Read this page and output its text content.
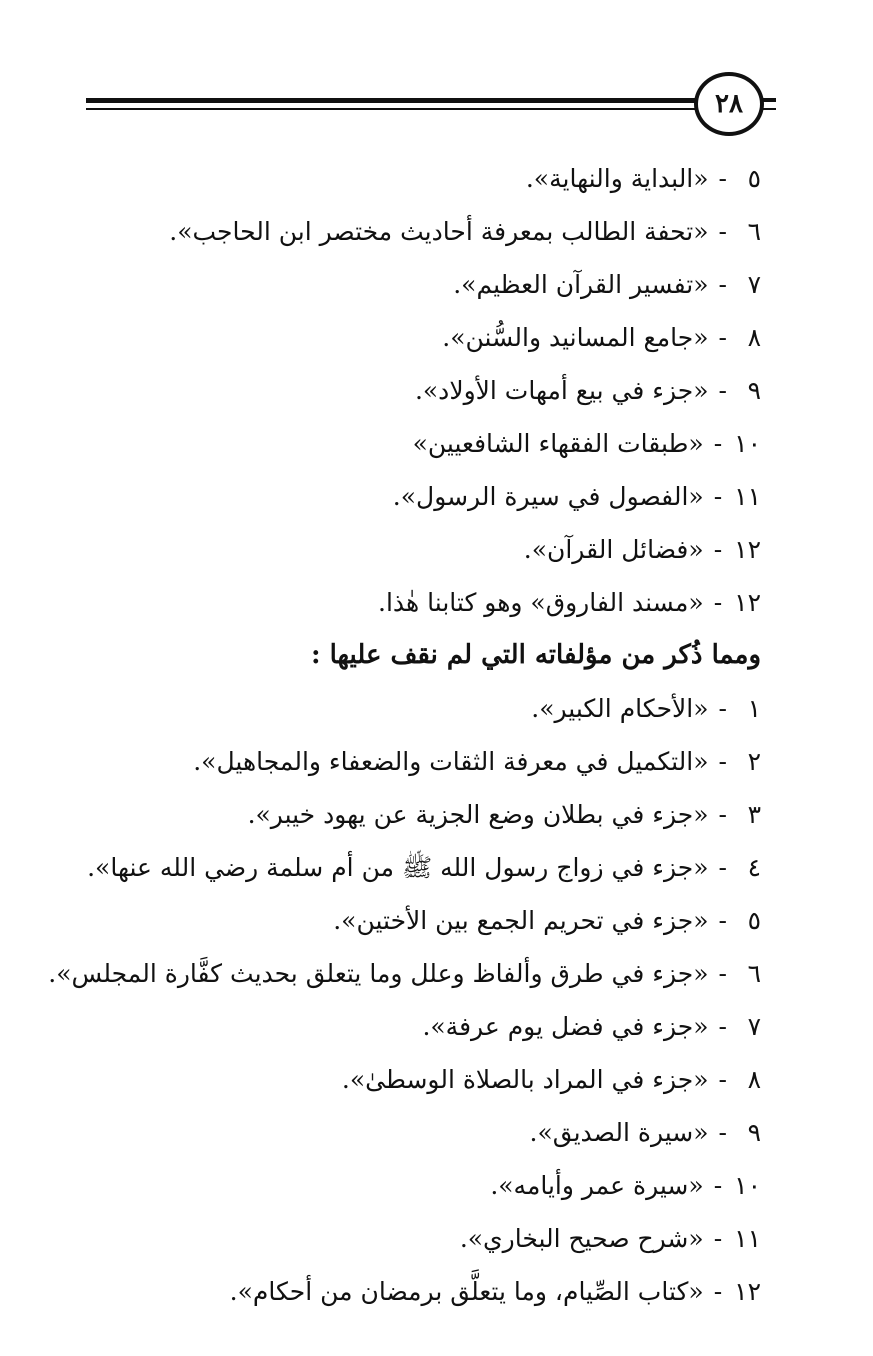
٢٨
٥-«البداية والنهاية».
٦-«تحفة الطالب بمعرفة أحاديث مختصر ابن الحاجب».
٧-«تفسير القرآن العظيم».
٨-«جامع المسانيد والسُّنن».
٩-«جزء في بيع أمهات الأولاد».
١٠-«طبقات الفقهاء الشافعيين»
١١-«الفصول في سيرة الرسول».
١٢-«فضائل القرآن».
١٢-«مسند الفاروق» وهو كتابنا هٰذا.
ومما ذُكر من مؤلفاته التي لم نقف عليها :
١-«الأحكام الكبير».
٢-«التكميل في معرفة الثقات والضعفاء والمجاهيل».
٣-«جزء في بطلان وضع الجزية عن يهود خيبر».
٤-«جزء في زواج رسول الله ﷺ من أم سلمة رضي الله عنها».
٥-«جزء في تحريم الجمع بين الأختين».
٦-«جزء في طرق وألفاظ وعلل وما يتعلق بحديث كفَّارة المجلس».
٧-«جزء في فضل يوم عرفة».
٨-«جزء في المراد بالصلاة الوسطىٰ».
٩-«سيرة الصديق».
١٠-«سيرة عمر وأيامه».
١١-«شرح صحيح البخاري».
١٢-«كتاب الصِّيام، وما يتعلَّق برمضان من أحكام».
